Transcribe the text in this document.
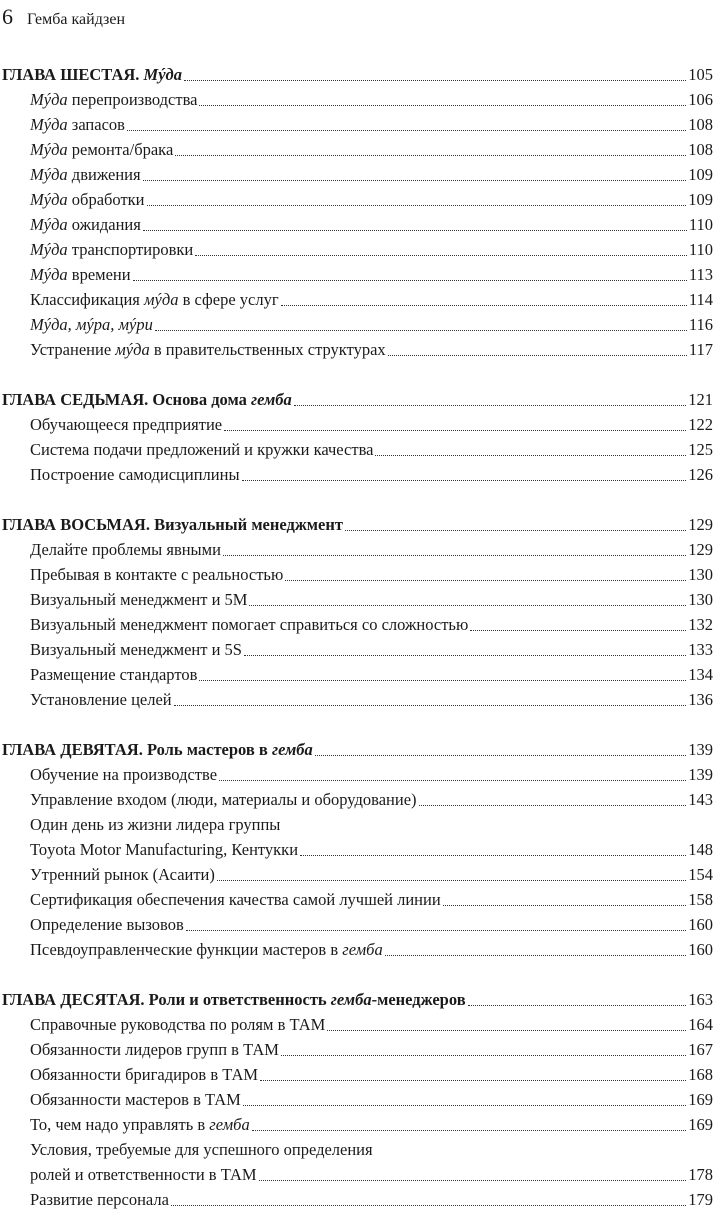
6 Гемба кайдзен
ГЛАВА ШЕСТАЯ. Мýда	105
Мýда перепроизводства	106
Мýда запасов	108
Мýда ремонта/брака	108
Мýда движения	109
Мýда обработки	109
Мýда ожидания	110
Мýда транспортировки	110
Мýда времени	113
Классификация мýда в сфере услуг	114
Мýда, мýра, мýри	116
Устранение мýда в правительственных структурах	117
ГЛАВА СЕДЬМАЯ. Основа дома гемба	121
Обучающееся предприятие	122
Система подачи предложений и кружки качества	125
Построение самодисциплины	126
ГЛАВА ВОСЬМАЯ. Визуальный менеджмент	129
Делайте проблемы явными	129
Пребывая в контакте с реальностью	130
Визуальный менеджмент и 5М	130
Визуальный менеджмент помогает справиться со сложностью	132
Визуальный менеджмент и 5S	133
Размещение стандартов	134
Установление целей	136
ГЛАВА ДЕВЯТАЯ. Роль мастеров в гемба	139
Обучение на производстве	139
Управление входом (люди, материалы и оборудование)	143
Один день из жизни лидера группы
Toyota Motor Manufacturing, Кентукки	148
Утренний рынок (Асаити)	154
Сертификация обеспечения качества самой лучшей линии	158
Определение вызовов	160
Псевдоуправленческие функции мастеров в гемба	160
ГЛАВА ДЕСЯТАЯ. Роли и ответственность гемба-менеджеров	163
Справочные руководства по ролям в ТАМ	164
Обязанности лидеров групп в ТАМ	167
Обязанности бригадиров в ТАМ	168
Обязанности мастеров в ТАМ	169
То, чем надо управлять в гемба	169
Условия, требуемые для успешного определения
ролей и ответственности в ТАМ	178
Развитие персонала	179
